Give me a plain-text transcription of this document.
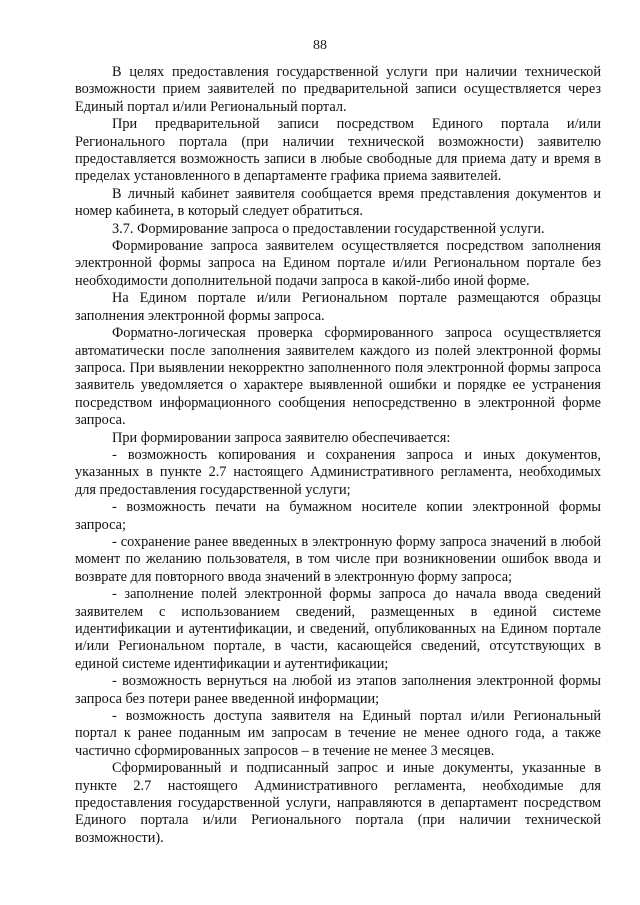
88

В целях предоставления государственной услуги при наличии технической возможности прием заявителей по предварительной записи осуществляется через Единый портал и/или Региональный портал.

При предварительной записи посредством Единого портала и/или Регионального портала (при наличии технической возможности) заявителю предоставляется возможность записи в любые свободные для приема дату и время в пределах установленного в департаменте графика приема заявителей.

В личный кабинет заявителя сообщается время представления документов и номер кабинета, в который следует обратиться.

3.7. Формирование запроса о предоставлении государственной услуги.

Формирование запроса заявителем осуществляется посредством заполнения электронной формы запроса на Едином портале и/или Региональном портале без необходимости дополнительной подачи запроса в какой-либо иной форме.

На Едином портале и/или Региональном портале размещаются образцы заполнения электронной формы запроса.

Форматно-логическая проверка сформированного запроса осуществляется автоматически после заполнения заявителем каждого из полей электронной формы запроса. При выявлении некорректно заполненного поля электронной формы запроса заявитель уведомляется о характере выявленной ошибки и порядке ее устранения посредством информационного сообщения непосредственно в электронной форме запроса.

При формировании запроса заявителю обеспечивается:

- возможность копирования и сохранения запроса и иных документов, указанных в пункте 2.7 настоящего Административного регламента, необходимых для предоставления государственной услуги;

- возможность печати на бумажном носителе копии электронной формы запроса;

- сохранение ранее введенных в электронную форму запроса значений в любой момент по желанию пользователя, в том числе при возникновении ошибок ввода и возврате для повторного ввода значений в электронную форму запроса;

- заполнение полей электронной формы запроса до начала ввода сведений заявителем с использованием сведений, размещенных в единой системе идентификации и аутентификации, и сведений, опубликованных на Едином портале и/или Региональном портале, в части, касающейся сведений, отсутствующих в единой системе идентификации и аутентификации;

- возможность вернуться на любой из этапов заполнения электронной формы запроса без потери ранее введенной информации;

- возможность доступа заявителя на Единый портал и/или Региональный портал к ранее поданным им запросам в течение не менее одного года, а также частично сформированных запросов – в течение не менее 3 месяцев.

Сформированный и подписанный запрос и иные документы, указанные в пункте 2.7 настоящего Административного регламента, необходимые для предоставления государственной услуги, направляются в департамент посредством Единого портала и/или Регионального портала (при наличии технической возможности).
